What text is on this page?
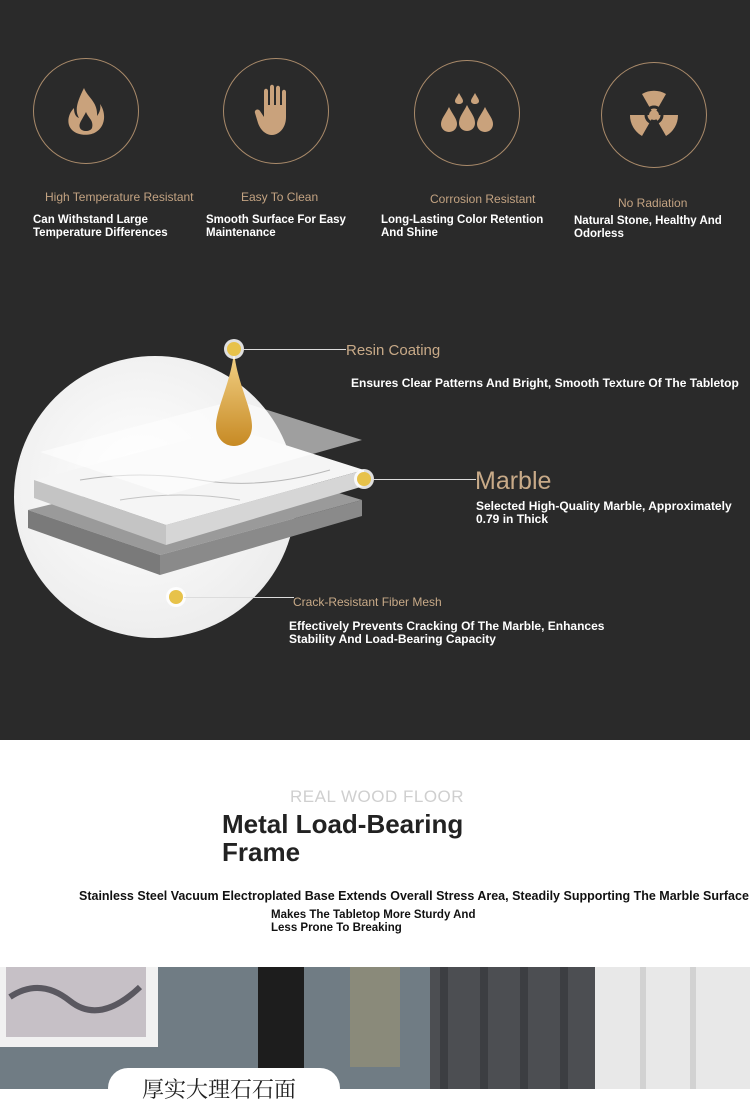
High Temperature Resistant
Can Withstand Large Temperature Differences
Easy To Clean
Smooth Surface For Easy Maintenance
Corrosion Resistant
Long-Lasting Color Retention And Shine
No Radiation
Natural Stone, Healthy And Odorless
Resin Coating
Ensures Clear Patterns And Bright, Smooth Texture Of The Tabletop
Marble
Selected High-Quality Marble, Approximately 0.79 in Thick
Crack-Resistant Fiber Mesh
Effectively Prevents Cracking Of The Marble, Enhances Stability And Load-Bearing Capacity
REAL WOOD FLOOR
Metal Load-Bearing
Frame
Stainless Steel Vacuum Electroplated Base Extends Overall Stress Area, Steadily Supporting The Marble Surface
Makes The Tabletop More Sturdy And Less Prone To Breaking
厚实大理石石面
